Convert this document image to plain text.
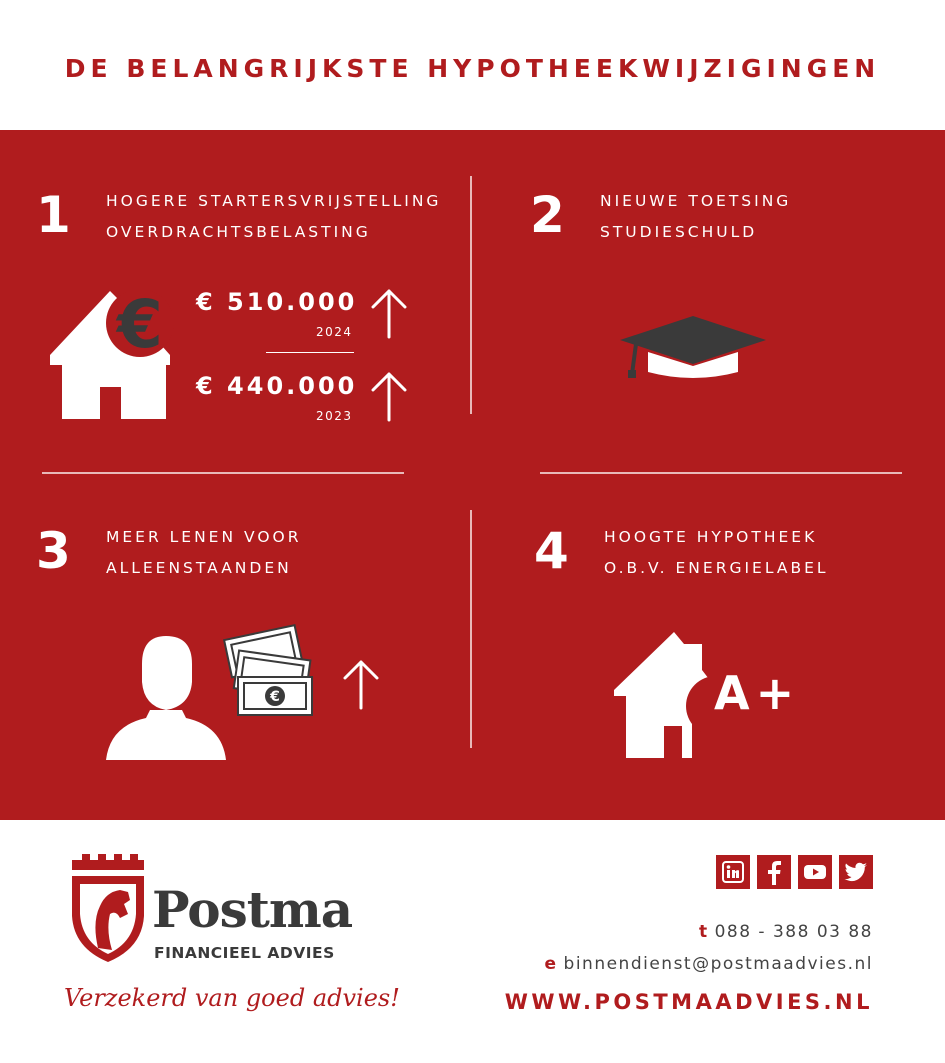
DE BELANGRIJKSTE HYPOTHEEKWIJZIGINGEN
1 HOGERE STARTERSVRIJSTELLING
OVERDRACHTSBELASTING
€ € 510.000
2024
€ 440.000
2023
2 NIEUWE TOETSING
STUDIESCHULD
3 MEER LENEN VOOR
ALLEENSTAANDEN
€
4 HOOGTE HYPOTHEEK
O.B.V. ENERGIELABEL
A+
Postma
FINANCIEEL ADVIES
Verzekerd van goed advies!
t 088 - 388 03 88
e binnendienst@postmaadvies.nl
WWW.POSTMAADVIES.NL
